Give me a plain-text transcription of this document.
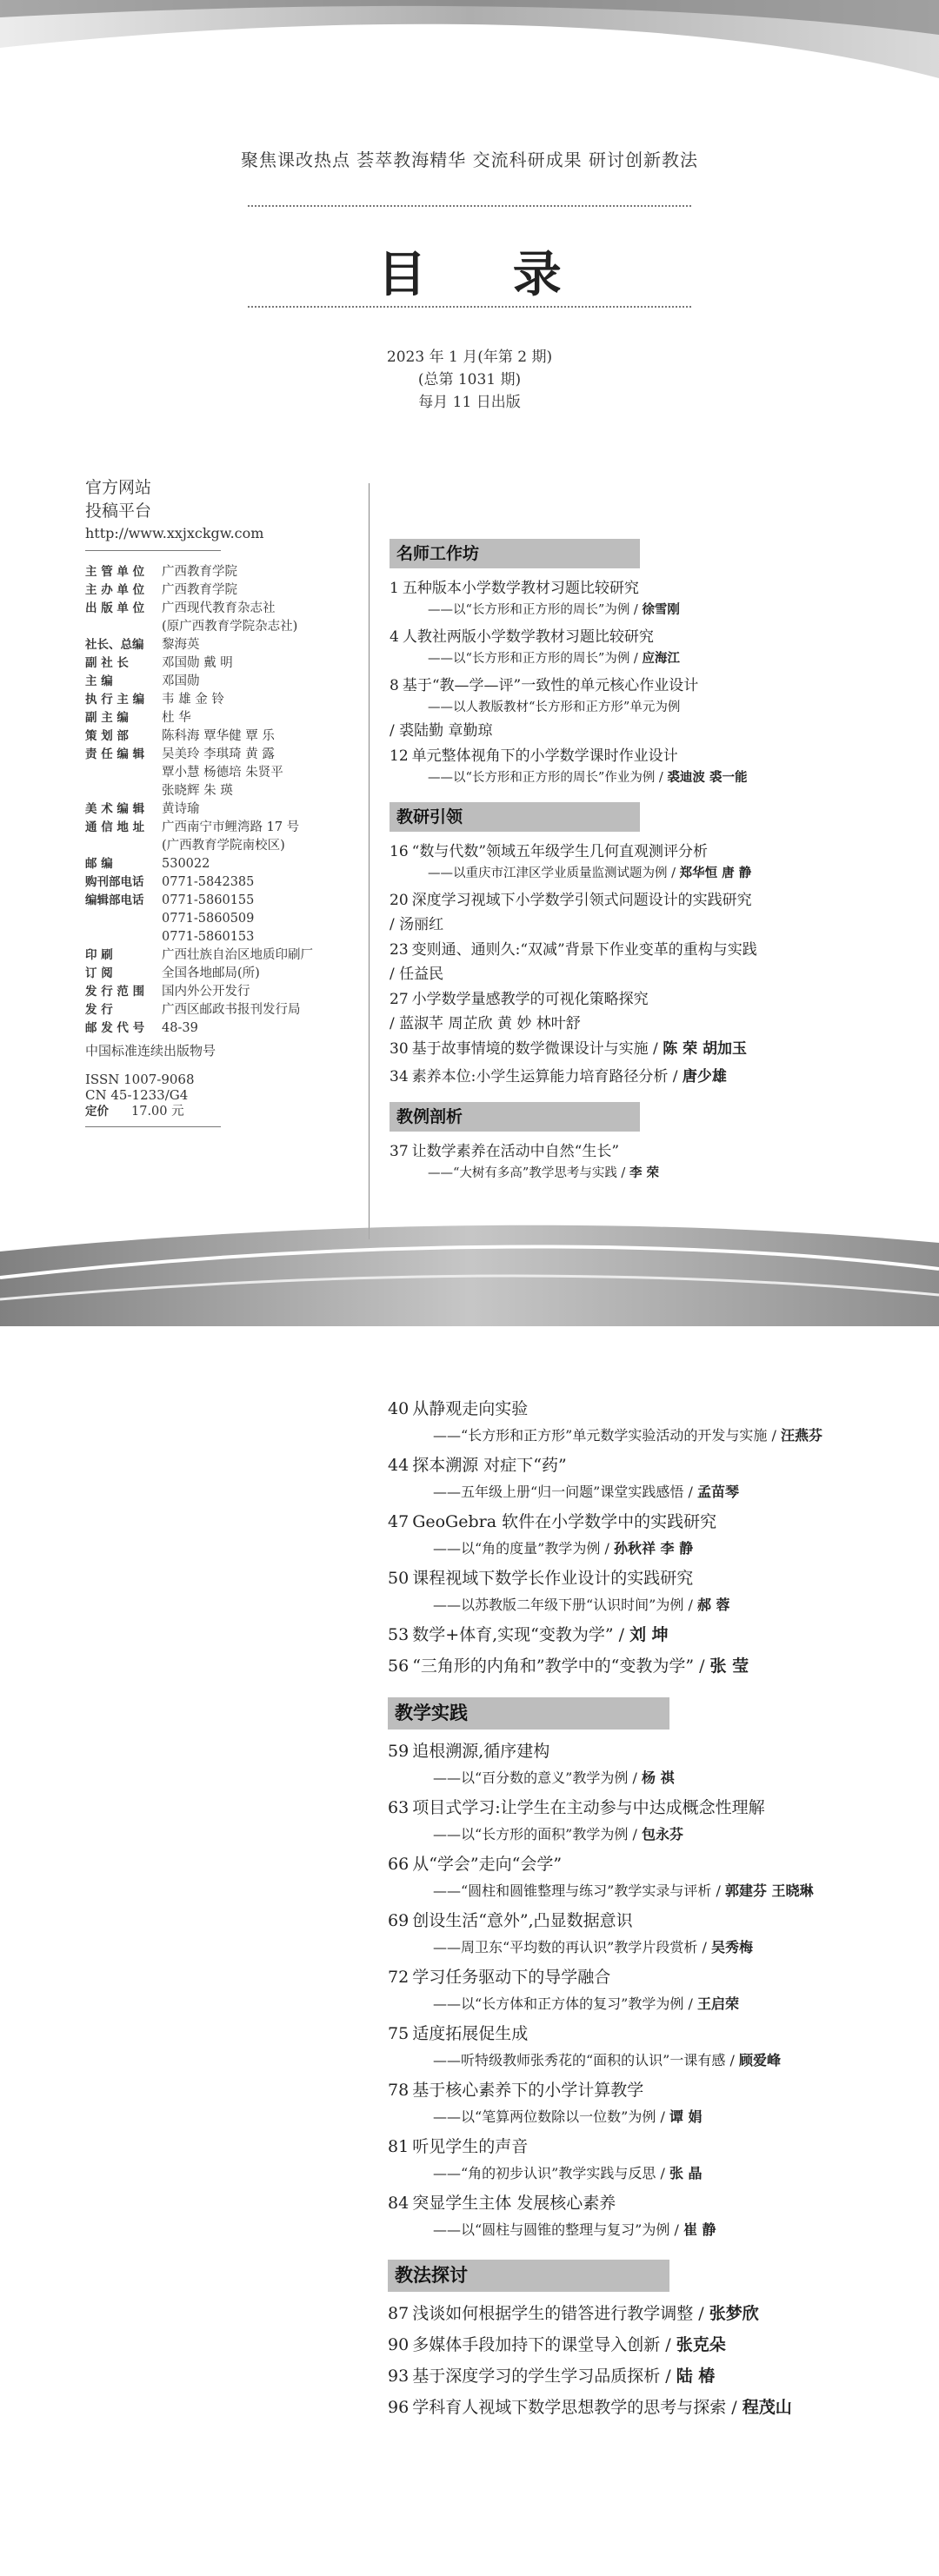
聚焦课改热点 荟萃教海精华 交流科研成果 研讨创新教法
目 录
2023 年 1 月(年第 2 期)
(总第 1031 期)
每月 11 日出版
官方网站
投稿平台
http://www.xxjxckgw.com
主 管 单 位	广西教育学院
主 办 单 位	广西教育学院
出 版 单 位	广西现代教育杂志社
(原广西教育学院杂志社)
社长、总编	黎海英
副 社 长	邓国勋 戴 明
主 编	邓国勋
执 行 主 编	韦 雄 金 铃
副 主 编	杜 华
策 划 部	陈科海 覃华健 覃 乐
责 任 编 辑	吴美玲 李琪琦 黄 露
覃小慧 杨德培 朱贤平
张晓辉 朱 瑛
美 术 编 辑	黄诗瑜
通 信 地 址	广西南宁市鲤湾路 17 号
(广西教育学院南校区)
邮 编	530022
购刊部电话	0771-5842385
编辑部电话	0771-5860155
0771-5860509
0771-5860153
印 刷	广西壮族自治区地质印刷厂
订 阅	全国各地邮局(所)
发 行 范 围	国内外公开发行
发 行	广西区邮政书报刊发行局
邮 发 代 号	48-39
中国标准连续出版物号
ISSN 1007-9068
CN 45-1233/G4
定价 17.00 元
名师工作坊
1 五种版本小学数学教材习题比较研究
——以“长方形和正方形的周长”为例 / 徐雪刚
4 人教社两版小学数学教材习题比较研究
——以“长方形和正方形的周长”为例 / 应海江
8 基于“教—学—评”一致性的单元核心作业设计
——以人教版教材“长方形和正方形”单元为例
/ 裘陆勤 章勤琼
12 单元整体视角下的小学数学课时作业设计
——以“长方形和正方形的周长”作业为例 / 裘迪波 裘一能
教研引领
16 “数与代数”领域五年级学生几何直观测评分析
——以重庆市江津区学业质量监测试题为例 / 郑华恒 唐 静
20 深度学习视域下小学数学引领式问题设计的实践研究
/ 汤丽红
23 变则通、通则久:“双减”背景下作业变革的重构与实践
/ 任益民
27 小学数学量感教学的可视化策略探究
/ 蓝淑芊 周芷欣 黄 妙 林叶舒
30 基于故事情境的数学微课设计与实施 / 陈 荣 胡加玉
34 素养本位:小学生运算能力培育路径分析 / 唐少雄
教例剖析
37 让数学素养在活动中自然“生长”
——“大树有多高”教学思考与实践 / 李 荣
40 从静观走向实验
——“长方形和正方形”单元数学实验活动的开发与实施 / 汪燕芬
44 探本溯源 对症下“药”
——五年级上册“归一问题”课堂实践感悟 / 孟苗琴
47 GeoGebra 软件在小学数学中的实践研究
——以“角的度量”教学为例 / 孙秋祥 李 静
50 课程视域下数学长作业设计的实践研究
——以苏教版二年级下册“认识时间”为例 / 郝 蓉
53 数学+体育,实现“变教为学” / 刘 坤
56 “三角形的内角和”教学中的“变教为学” / 张 莹
教学实践
59 追根溯源,循序建构
——以“百分数的意义”教学为例 / 杨 祺
63 项目式学习:让学生在主动参与中达成概念性理解
——以“长方形的面积”教学为例 / 包永芬
66 从“学会”走向“会学”
——“圆柱和圆锥整理与练习”教学实录与评析 / 郭建芬 王晓琳
69 创设生活“意外”,凸显数据意识
——周卫东“平均数的再认识”教学片段赏析 / 吴秀梅
72 学习任务驱动下的导学融合
——以“长方体和正方体的复习”教学为例 / 王启荣
75 适度拓展促生成
——听特级教师张秀花的“面积的认识”一课有感 / 顾爱峰
78 基于核心素养下的小学计算教学
——以“笔算两位数除以一位数”为例 / 谭 娟
81 听见学生的声音
——“角的初步认识”教学实践与反思 / 张 晶
84 突显学生主体 发展核心素养
——以“圆柱与圆锥的整理与复习”为例 / 崔 静
教法探讨
87 浅谈如何根据学生的错答进行教学调整 / 张梦欣
90 多媒体手段加持下的课堂导入创新 / 张克朵
93 基于深度学习的学生学习品质探析 / 陆 椿
96 学科育人视域下数学思想教学的思考与探索 / 程茂山
